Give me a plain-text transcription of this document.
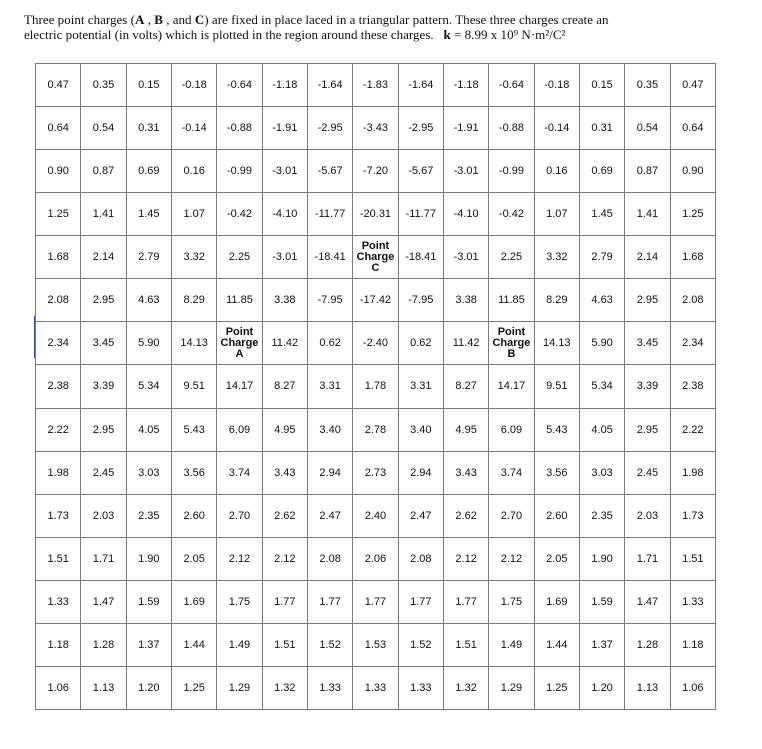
Three point charges (A , B , and C) are fixed in place laced in a triangular pattern. These three charges create an
electric potential (in volts) which is plotted in the region around these charges. k = 8.99 x 10⁹ N·m²/C²
0.47	0.35	0.15	-0.18	-0.64	-1.18	-1.64	-1.83	-1.64	-1.18	-0.64	-0.18	0.15	0.35	0.47
0.64	0.54	0.31	-0.14	-0.88	-1.91	-2.95	-3.43	-2.95	-1.91	-0.88	-0.14	0.31	0.54	0.64
0.90	0.87	0.69	0.16	-0.99	-3.01	-5.67	-7.20	-5.67	-3.01	-0.99	0.16	0.69	0.87	0.90
1.25	1.41	1.45	1.07	-0.42	-4.10	-11.77	-20.31	-11.77	-4.10	-0.42	1.07	1.45	1.41	1.25
1.68	2.14	2.79	3.32	2.25	-3.01	-18.41	Point
Charge
C	-18.41	-3.01	2.25	3.32	2.79	2.14	1.68
2.08	2.95	4.63	8.29	11.85	3.38	-7.95	-17.42	-7.95	3.38	11.85	8.29	4.63	2.95	2.08
2.34	3.45	5.90	14.13	Point
Charge
A	11.42	0.62	-2.40	0.62	11.42	Point
Charge
B	14.13	5.90	3.45	2.34
2.38	3.39	5.34	9.51	14.17	8.27	3.31	1.78	3.31	8.27	14.17	9.51	5.34	3.39	2.38
2.22	2.95	4.05	5.43	6.09	4.95	3.40	2.78	3.40	4.95	6.09	5.43	4.05	2.95	2.22
1.98	2.45	3.03	3.56	3.74	3.43	2.94	2.73	2.94	3.43	3.74	3.56	3.03	2.45	1.98
1.73	2.03	2.35	2.60	2.70	2.62	2.47	2.40	2.47	2.62	2.70	2.60	2.35	2.03	1.73
1.51	1.71	1.90	2.05	2.12	2.12	2.08	2.06	2.08	2.12	2.12	2.05	1.90	1.71	1.51
1.33	1.47	1.59	1.69	1.75	1.77	1.77	1.77	1.77	1.77	1.75	1.69	1.59	1.47	1.33
1.18	1.28	1.37	1.44	1.49	1.51	1.52	1.53	1.52	1.51	1.49	1.44	1.37	1.28	1.18
1.06	1.13	1.20	1.25	1.29	1.32	1.33	1.33	1.33	1.32	1.29	1.25	1.20	1.13	1.06
